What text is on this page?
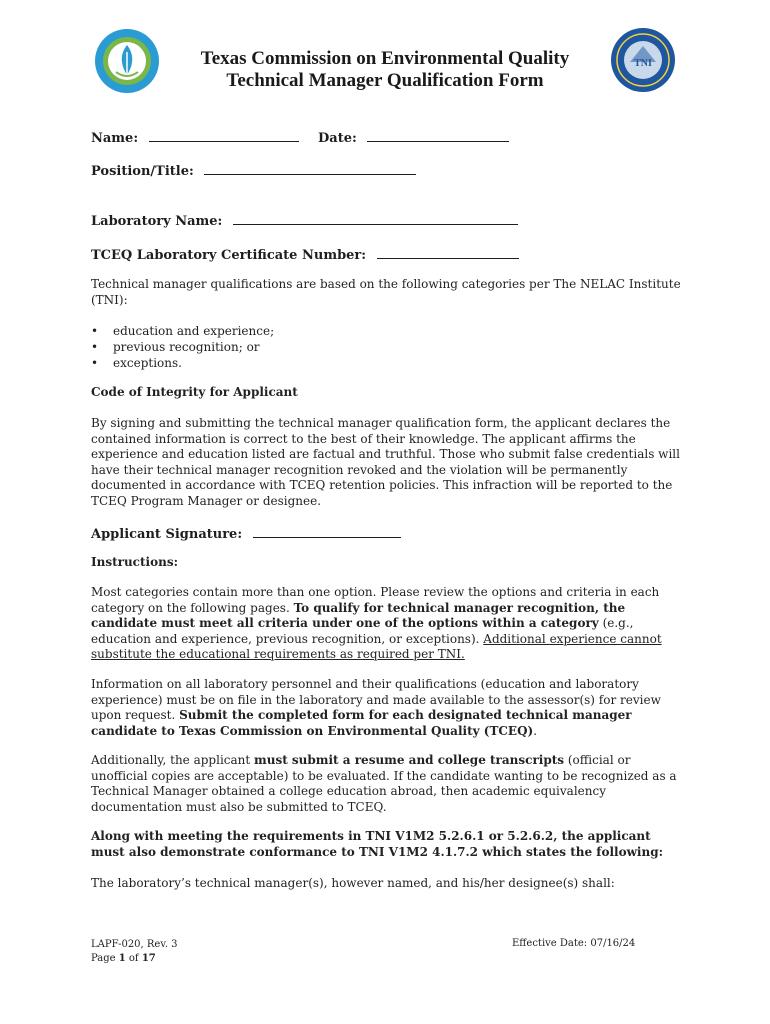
TNI
Texas Commission on Environmental Quality
Technical Manager Qualification Form
Name:	Date:
Position/Title:
Laboratory Name:
TCEQ Laboratory Certificate Number:

Technical manager qualifications are based on the following categories per The NELAC Institute (TNI):

• education and experience;
• previous recognition; or
• exceptions.
Code of Integrity for Applicant

By signing and submitting the technical manager qualification form, the applicant declares the contained information is correct to the best of their knowledge. The applicant affirms the experience and education listed are factual and truthful. Those who submit false credentials will have their technical manager recognition revoked and the violation will be permanently documented in accordance with TCEQ retention policies. This infraction will be reported to the TCEQ Program Manager or designee.

Applicant Signature:
Instructions:

Most categories contain more than one option. Please review the options and criteria in each category on the following pages. To qualify for technical manager recognition, the candidate must meet all criteria under one of the options within a category (e.g., education and experience, previous recognition, or exceptions). Additional experience cannot substitute the educational requirements as required per TNI.

Information on all laboratory personnel and their qualifications (education and laboratory experience) must be on file in the laboratory and made available to the assessor(s) for review upon request. Submit the completed form for each designated technical manager candidate to Texas Commission on Environmental Quality (TCEQ).

Additionally, the applicant must submit a resume and college transcripts (official or unofficial copies are acceptable) to be evaluated. If the candidate wanting to be recognized as a Technical Manager obtained a college education abroad, then academic equivalency documentation must also be submitted to TCEQ.

Along with meeting the requirements in TNI V1M2 5.2.6.1 or 5.2.6.2, the applicant must also demonstrate conformance to TNI V1M2 4.1.7.2 which states the following:
The laboratory’s technical manager(s), however named, and his/her designee(s) shall:
LAPF-020, Rev. 3
Page 1 of 17
Effective Date: 07/16/24
